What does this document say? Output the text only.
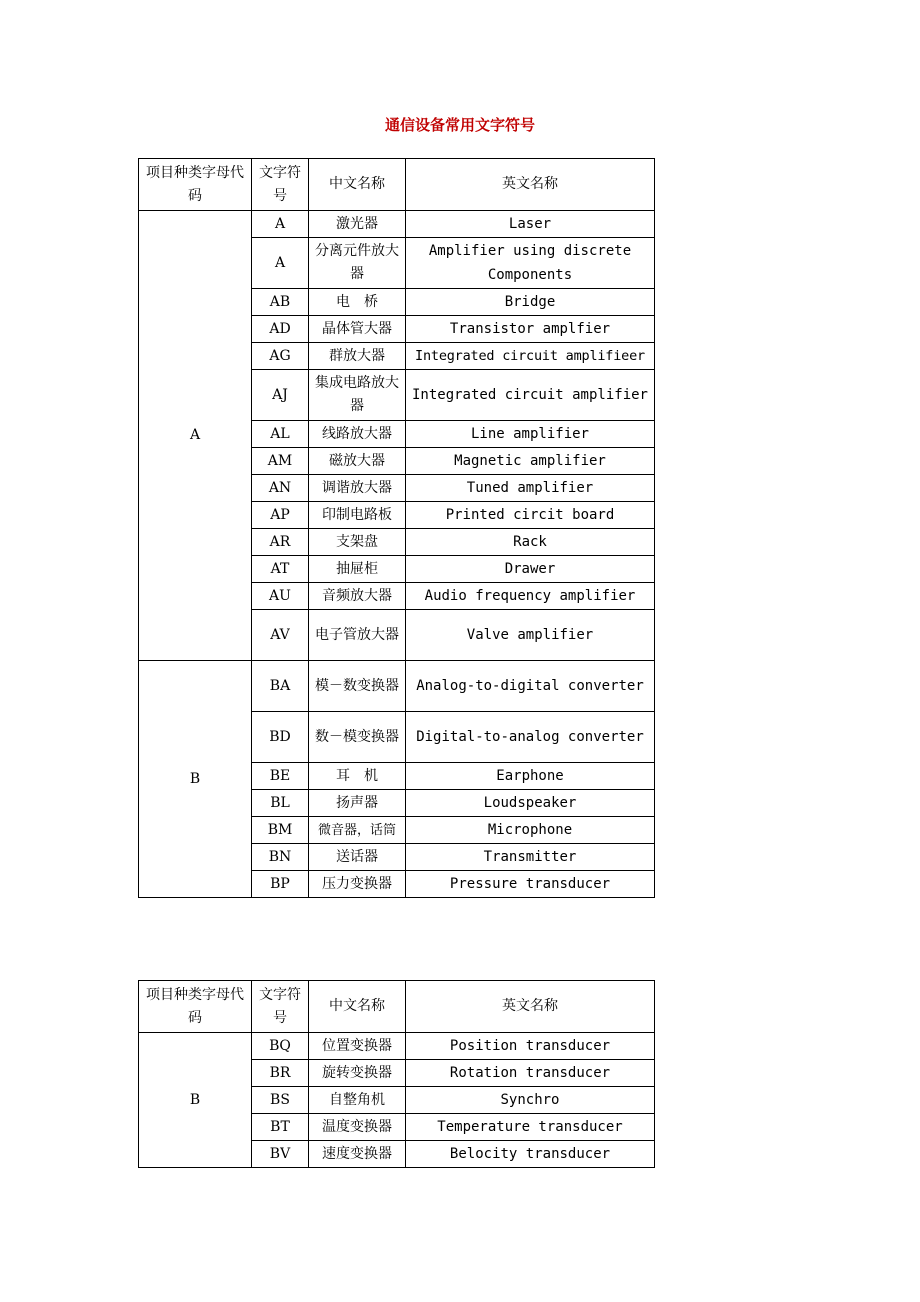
通信设备常用文字符号
项目种类字母代码	文字符号	中文名称	英文名称
A	A	激光器	Laser
	A	分离元件放大器	Amplifier using discrete Components
	AB	电　桥	Bridge
	AD	晶体管大器	Transistor amplfier
	AG	群放大器	Integrated circuit amplifieer
	AJ	集成电路放大器	Integrated circuit amplifier
	AL	线路放大器	Line amplifier
	AM	磁放大器	Magnetic amplifier
	AN	调谐放大器	Tuned amplifier
	AP	印制电路板	Printed circit board
	AR	支架盘	Rack
	AT	抽屉柜	Drawer
	AU	音频放大器	Audio frequency amplifier
	AV	电子管放大器	Valve amplifier
B	BA	模－数变换器	Analog-to-digital converter
	BD	数－模变换器	Digital-to-analog converter
	BE	耳　机	Earphone
	BL	扬声器	Loudspeaker
	BM	微音器，话筒	Microphone
	BN	送话器	Transmitter
	BP	压力变换器	Pressure transducer
项目种类字母代码	文字符号	中文名称	英文名称
B	BQ	位置变换器	Position transducer
	BR	旋转变换器	Rotation transducer
	BS	自整角机	Synchro
	BT	温度变换器	Temperature transducer
	BV	速度变换器	Belocity transducer
